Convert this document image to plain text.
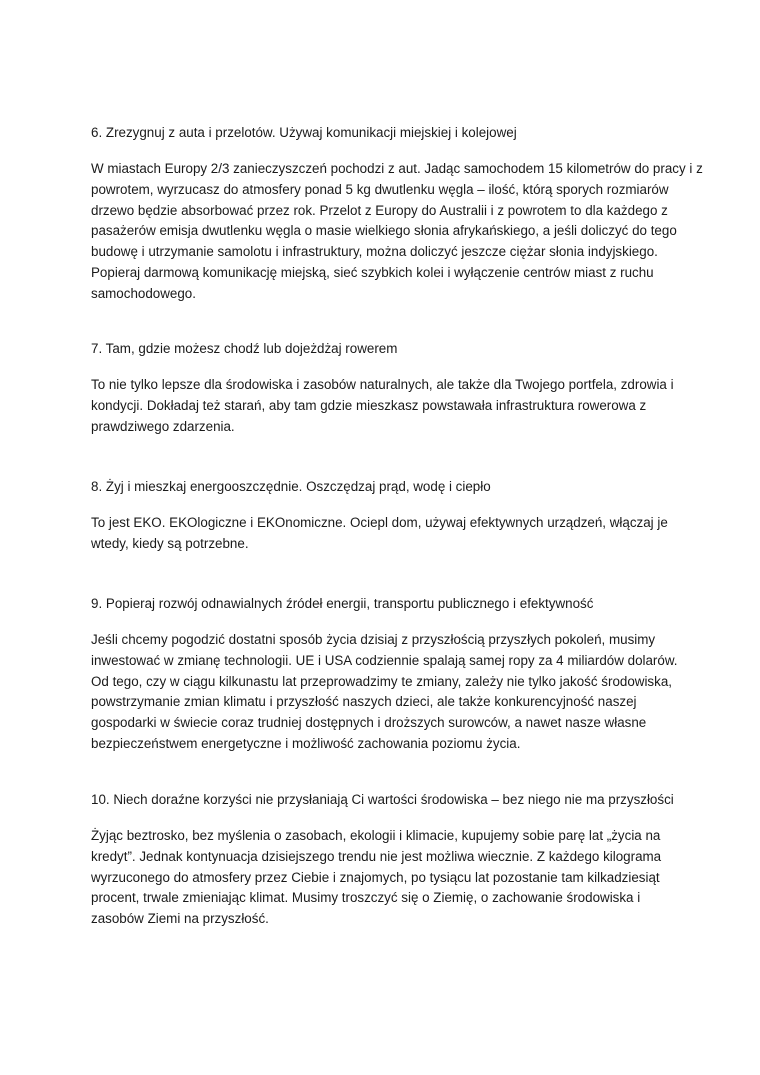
6. Zrezygnuj z auta i przelotów. Używaj komunikacji miejskiej i kolejowej

W miastach Europy 2/3 zanieczyszczeń pochodzi z aut. Jadąc samochodem 15 kilometrów do pracy i z
powrotem, wyrzucasz do atmosfery ponad 5 kg dwutlenku węgla – ilość, którą sporych rozmiarów
drzewo będzie absorbować przez rok. Przelot z Europy do Australii i z powrotem to dla każdego z
pasażerów emisja dwutlenku węgla o masie wielkiego słonia afrykańskiego, a jeśli doliczyć do tego
budowę i utrzymanie samolotu i infrastruktury, można doliczyć jeszcze ciężar słonia indyjskiego.
Popieraj darmową komunikację miejską, sieć szybkich kolei i wyłączenie centrów miast z ruchu
samochodowego.

7. Tam, gdzie możesz chodź lub dojeżdżaj rowerem

To nie tylko lepsze dla środowiska i zasobów naturalnych, ale także dla Twojego portfela, zdrowia i
kondycji. Dokładaj też starań, aby tam gdzie mieszkasz powstawała infrastruktura rowerowa z
prawdziwego zdarzenia.

8. Żyj i mieszkaj energooszczędnie. Oszczędzaj prąd, wodę i ciepło

To jest EKO. EKOlogiczne i EKOnomiczne. Ociepl dom, używaj efektywnych urządzeń, włączaj je
wtedy, kiedy są potrzebne.

9. Popieraj rozwój odnawialnych źródeł energii, transportu publicznego i efektywność

Jeśli chcemy pogodzić dostatni sposób życia dzisiaj z przyszłością przyszłych pokoleń, musimy
inwestować w zmianę technologii. UE i USA codziennie spalają samej ropy za 4 miliardów dolarów.
Od tego, czy w ciągu kilkunastu lat przeprowadzimy te zmiany, zależy nie tylko jakość środowiska,
powstrzymanie zmian klimatu i przyszłość naszych dzieci, ale także konkurencyjność naszej
gospodarki w świecie coraz trudniej dostępnych i droższych surowców, a nawet nasze własne
bezpieczeństwem energetyczne i możliwość zachowania poziomu życia.

10. Niech doraźne korzyści nie przysłaniają Ci wartości środowiska – bez niego nie ma przyszłości

Żyjąc beztrosko, bez myślenia o zasobach, ekologii i klimacie, kupujemy sobie parę lat „życia na
kredyt”. Jednak kontynuacja dzisiejszego trendu nie jest możliwa wiecznie. Z każdego kilograma
wyrzuconego do atmosfery przez Ciebie i znajomych, po tysiącu lat pozostanie tam kilkadziesiąt
procent, trwale zmieniając klimat. Musimy troszczyć się o Ziemię, o zachowanie środowiska i
zasobów Ziemi na przyszłość.
